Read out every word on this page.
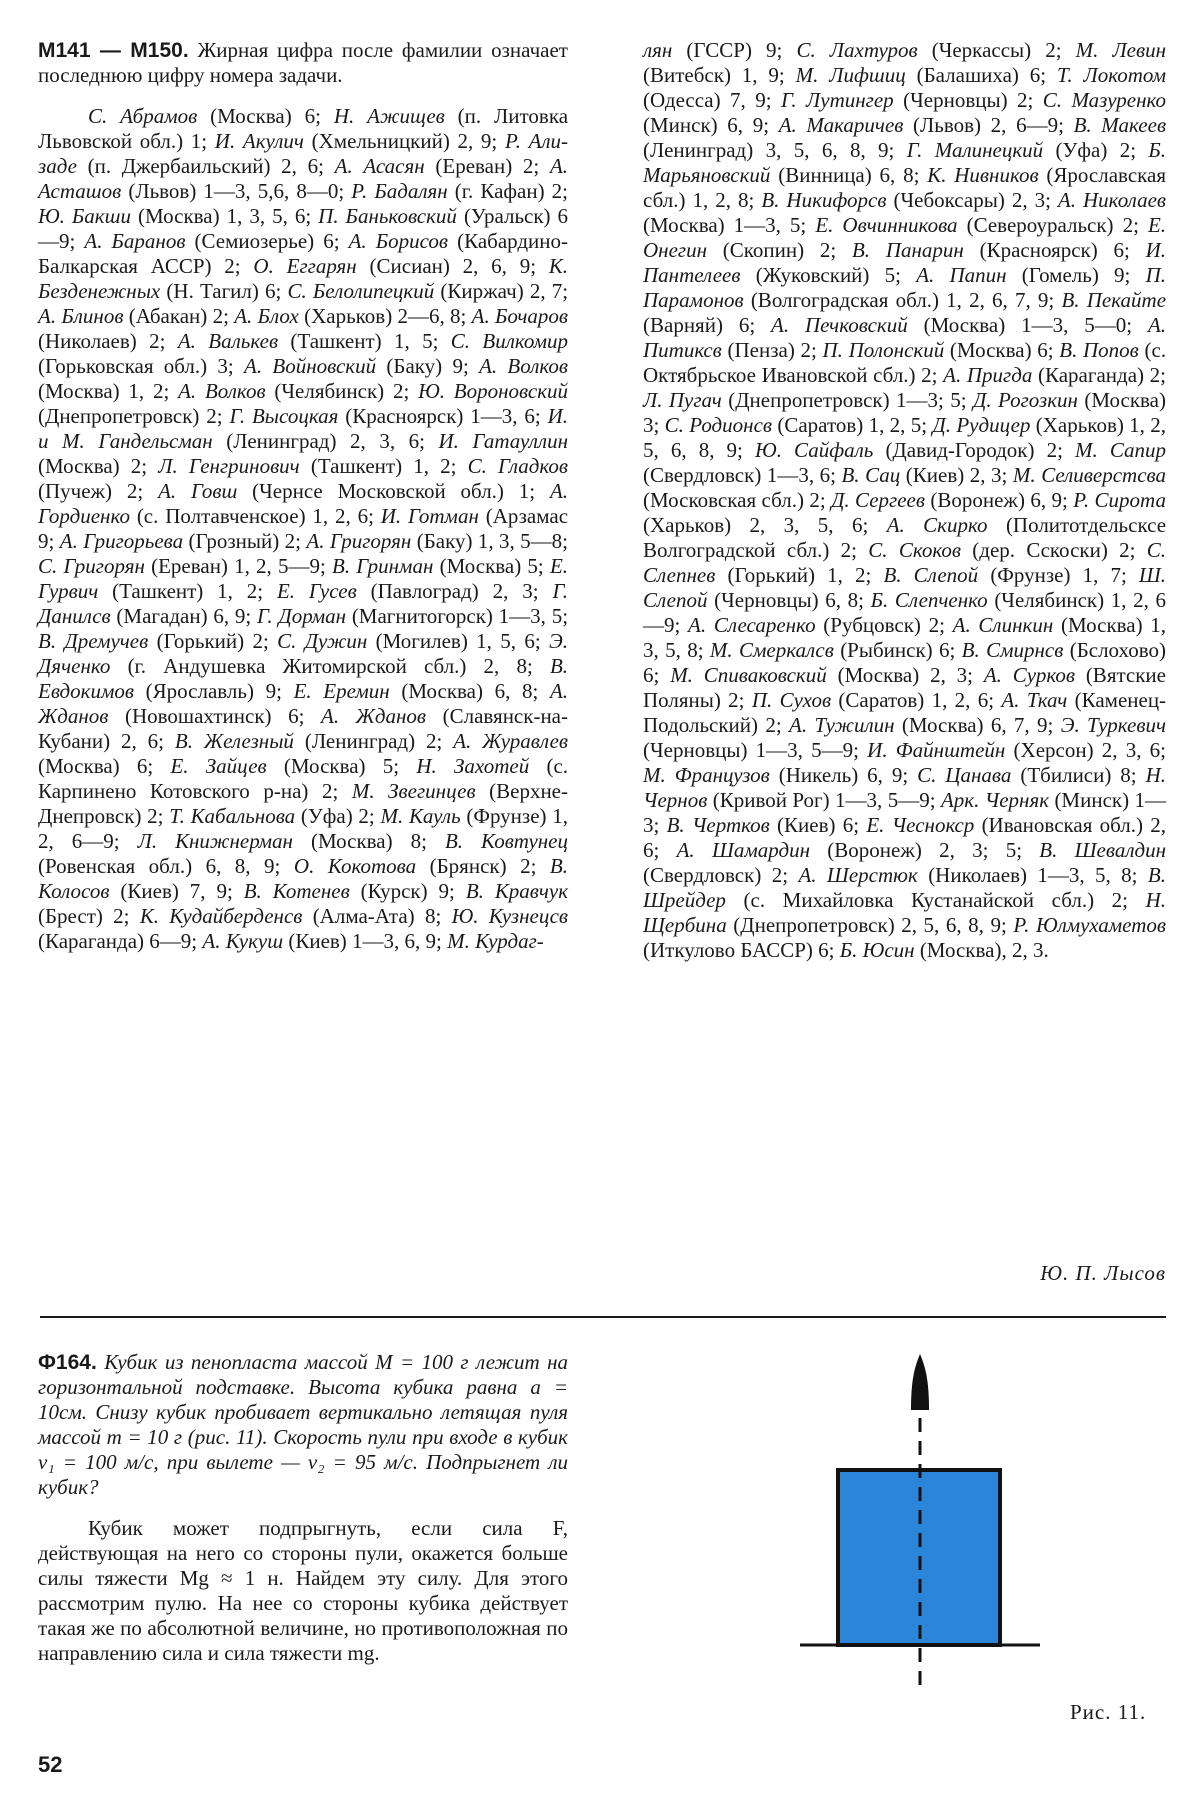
М141 — М150. Жирная цифра после фамилии означает последнюю цифру номера задачи.

С. Абрамов (Москва) 6; Н. Ажищев (п. Литовка Львовской обл.) 1; И. Акулич (Хмельницкий) 2, 9; Р. Али-заде (п. Джербаильский) 2, 6; А. Асасян (Ереван) 2; А. Асташов (Львов) 1—3, 5,6, 8—0; Р. Бадалян (г. Кафан) 2; Ю. Бакши (Москва) 1, 3, 5, 6; П. Баньковский (Уральск) 6—9; А. Баранов (Семиозерье) 6; А. Борисов (Кабардино-Балкарская АССР) 2; О. Еггарян (Сисиан) 2, 6, 9; К. Безденежных (Н. Тагил) 6; С. Белолипецкий (Киржач) 2, 7; А. Блинов (Абакан) 2; А. Блох (Харьков) 2—6, 8; А. Бочаров (Николаев) 2; А. Валькев (Ташкент) 1, 5; С. Вилкомир (Горьковская обл.) 3; А. Войновский (Баку) 9; А. Волков (Москва) 1, 2; А. Волков (Челябинск) 2; Ю. Вороновский (Днепропетровск) 2; Г. Высоцкая (Красноярск) 1—3, 6; И. и М. Гандельсман (Ленинград) 2, 3, 6; И. Гатауллин (Москва) 2; Л. Генгринович (Ташкент) 1, 2; С. Гладков (Пучеж) 2; А. Говш (Чернсе Московской обл.) 1; А. Гордиенко (с. Полтавченское) 1, 2, 6; И. Готман (Арзамас 9; А. Григорьева (Грозный) 2; А. Григорян (Баку) 1, 3, 5—8; С. Григорян (Ереван) 1, 2, 5—9; В. Гринман (Москва) 5; Е. Гурвич (Ташкент) 1, 2; Е. Гусев (Павлоград) 2, 3; Г. Данилсв (Магадан) 6, 9; Г. Дорман (Магнитогорск) 1—3, 5; В. Дремучев (Горький) 2; С. Дужин (Могилев) 1, 5, 6; Э. Дяченко (г. Андушевка Житомирской сбл.) 2, 8; В. Евдокимов (Ярославль) 9; Е. Еремин (Москва) 6, 8; А. Жданов (Новошахтинск) 6; А. Жданов (Славянск-на-Кубани) 2, 6; В. Железный (Ленинград) 2; А. Журавлев (Москва) 6; Е. Зайцев (Москва) 5; Н. Захотей (с. Карпинено Котовского р-на) 2; М. Звегинцев (Верхне-Днепровск) 2; Т. Кабальнова (Уфа) 2; М. Кауль (Фрунзе) 1, 2, 6—9; Л. Книжнерман (Москва) 8; В. Ковтунец (Ровенская обл.) 6, 8, 9; О. Кокотова (Брянск) 2; В. Колосов (Киев) 7, 9; В. Котенев (Курск) 9; В. Кравчук (Брест) 2; К. Кудайберденсв (Алма-Ата) 8; Ю. Кузнецсв (Караганда) 6—9; А. Кукуш (Киев) 1—3, 6, 9; М. Курдаг-

лян (ГССР) 9; С. Лахтуров (Черкассы) 2; М. Левин (Витебск) 1, 9; М. Лифшиц (Балашиха) 6; Т. Локотом (Одесса) 7, 9; Г. Лутингер (Черновцы) 2; С. Мазуренко (Минск) 6, 9; А. Макаричев (Львов) 2, 6—9; В. Макеев (Ленинград) 3, 5, 6, 8, 9; Г. Малинецкий (Уфа) 2; Б. Марьяновский (Винница) 6, 8; К. Нивников (Ярославская сбл.) 1, 2, 8; В. Никифорсв (Чебоксары) 2, 3; А. Николаев (Москва) 1—3, 5; Е. Овчинникова (Североуральск) 2; Е. Онегин (Скопин) 2; В. Панарин (Красноярск) 6; И. Пантелеев (Жуковский) 5; А. Папин (Гомель) 9; П. Парамонов (Волгоградская обл.) 1, 2, 6, 7, 9; В. Пекайте (Варняй) 6; А. Печковский (Москва) 1—3, 5—0; А. Питиксв (Пенза) 2; П. Полонский (Москва) 6; В. Попов (с. Октябрьское Ивановской сбл.) 2; А. Пригда (Караганда) 2; Л. Пугач (Днепропетровск) 1—3; 5; Д. Рогозкин (Москва) 3; С. Родионсв (Саратов) 1, 2, 5; Д. Рудицер (Харьков) 1, 2, 5, 6, 8, 9; Ю. Сайфаль (Давид-Городок) 2; М. Сапир (Свердловск) 1—3, 6; В. Сац (Киев) 2, 3; М. Селиверстсва (Московская сбл.) 2; Д. Сергеев (Воронеж) 6, 9; Р. Сирота (Харьков) 2, 3, 5, 6; А. Скирко (Политотдельсксе Волгоградской сбл.) 2; С. Скоков (дер. Сскоски) 2; С. Слепнев (Горький) 1, 2; В. Слепой (Фрунзе) 1, 7; Ш. Слепой (Черновцы) 6, 8; Б. Слепченко (Челябинск) 1, 2, 6—9; А. Слесаренко (Рубцовск) 2; А. Слинкин (Москва) 1, 3, 5, 8; М. Смеркалсв (Рыбинск) 6; В. Смирнсв (Бслохово) 6; М. Спиваковский (Москва) 2, 3; А. Сурков (Вятские Поляны) 2; П. Сухов (Саратов) 1, 2, 6; А. Ткач (Каменец-Подольский) 2; А. Тужилин (Москва) 6, 7, 9; Э. Туркевич (Черновцы) 1—3, 5—9; И. Файнштейн (Херсон) 2, 3, 6; М. Французов (Никель) 6, 9; С. Цанава (Тбилиси) 8; Н. Чернов (Кривой Рог) 1—3, 5—9; Арк. Черняк (Минск) 1—3; В. Чертков (Киев) 6; Е. Чеснокср (Ивановская обл.) 2, 6; А. Шамардин (Воронеж) 2, 3; 5; В. Шевалдин (Свердловск) 2; А. Шерстюк (Николаев) 1—3, 5, 8; В. Шрейдер (с. Михайловка Кустанайской сбл.) 2; Н. Щербина (Днепропетровск) 2, 5, 6, 8, 9; Р. Юлмухаметов (Иткулово БАССР) 6; Б. Юсин (Москва), 2, 3.

Ю. П. Лысов

Ф164. Кубик из пенопласта массой М = 100 г лежит на горизонтальной подставке. Высота кубика равна а = 10см. Снизу кубик пробивает вертикально летящая пуля массой m = 10 г (рис. 11). Скорость пули при входе в кубик v₁ = 100 м/с, при вылете — v₂ = 95 м/с. Подпрыгнет ли кубик?

Кубик может подпрыгнуть, если сила F, действующая на него со стороны пули, окажется больше силы тяжести Mg ≈ 1 н. Найдем эту силу. Для этого рассмотрим пулю. На нее со стороны кубика действует такая же по абсолютной величине, но противоположная по направлению сила и сила тяжести mg.

52
Рис. 11.
